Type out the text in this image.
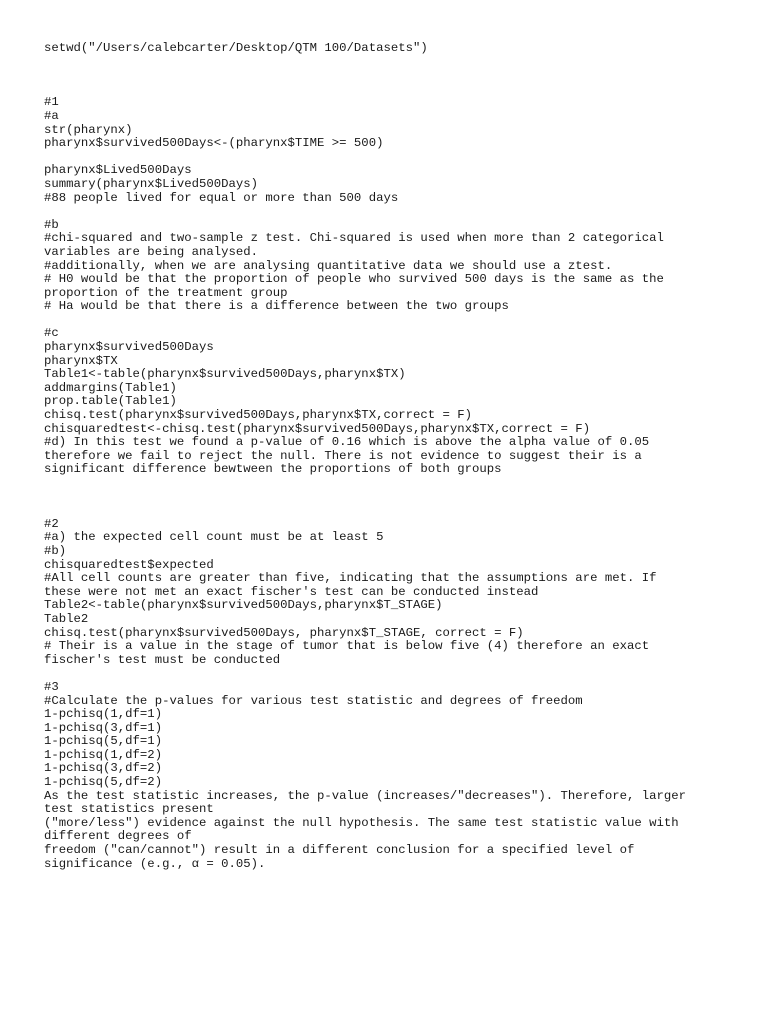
setwd("/Users/calebcarter/Desktop/QTM 100/Datasets")
#1
#a
str(pharynx)
pharynx$survived500Days<-(pharynx$TIME >= 500)
pharynx$Lived500Days
summary(pharynx$Lived500Days)
#88 people lived for equal or more than 500 days
#b
#chi-squared and two-sample z test. Chi-squared is used when more than 2 categorical
variables are being analysed.
#additionally, when we are analysing quantitative data we should use a ztest.
# H0 would be that the proportion of people who survived 500 days is the same as the
proportion of the treatment group
# Ha would be that there is a difference between the two groups
#c
pharynx$survived500Days
pharynx$TX
Table1<-table(pharynx$survived500Days,pharynx$TX)
addmargins(Table1)
prop.table(Table1)
chisq.test(pharynx$survived500Days,pharynx$TX,correct = F)
chisquaredtest<-chisq.test(pharynx$survived500Days,pharynx$TX,correct = F)
#d) In this test we found a p-value of 0.16 which is above the alpha value of 0.05
therefore we fail to reject the null. There is not evidence to suggest their is a
significant difference bewtween the proportions of both groups
#2
#a) the expected cell count must be at least 5
#b)
chisquaredtest$expected
#All cell counts are greater than five, indicating that the assumptions are met. If
these were not met an exact fischer's test can be conducted instead
Table2<-table(pharynx$survived500Days,pharynx$T_STAGE)
Table2
chisq.test(pharynx$survived500Days, pharynx$T_STAGE, correct = F)
# Their is a value in the stage of tumor that is below five (4) therefore an exact
fischer's test must be conducted
#3
#Calculate the p-values for various test statistic and degrees of freedom
1-pchisq(1,df=1)
1-pchisq(3,df=1)
1-pchisq(5,df=1)
1-pchisq(1,df=2)
1-pchisq(3,df=2)
1-pchisq(5,df=2)
As the test statistic increases, the p-value (increases/"decreases"). Therefore, larger
test statistics present
("more/less") evidence against the null hypothesis. The same test statistic value with
different degrees of
freedom ("can/cannot") result in a different conclusion for a specified level of
significance (e.g., α = 0.05).
